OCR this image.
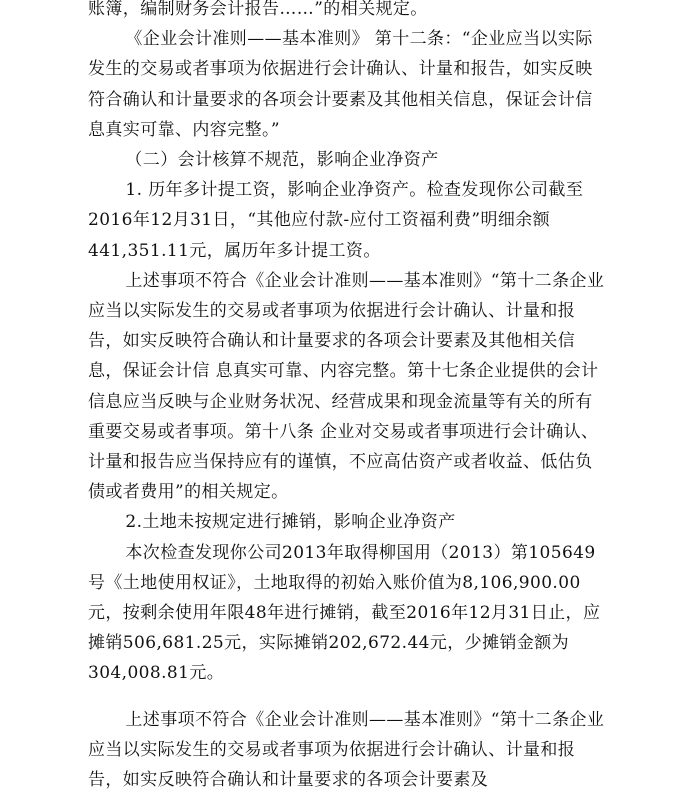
账簿，编制财务会计报告……”的相关规定。

《企业会计准则——基本准则》 第十二条：“企业应当以实际发生的交易或者事项为依据进行会计确认、计量和报告，如实反映符合确认和计量要求的各项会计要素及其他相关信息，保证会计信息真实可靠、内容完整。”

（二）会计核算不规范，影响企业净资产

1. 历年多计提工资，影响企业净资产。检查发现你公司截至2016年12月31日，“其他应付款-应付工资福利费”明细余额441,351.11元，属历年多计提工资。

上述事项不符合《企业会计准则——基本准则》“第十二条企业应当以实际发生的交易或者事项为依据进行会计确认、计量和报告，如实反映符合确认和计量要求的各项会计要素及其他相关信息，保证会计信 息真实可靠、内容完整。第十七条企业提供的会计信息应当反映与企业财务状况、经营成果和现金流量等有关的所有重要交易或者事项。第十八条 企业对交易或者事项进行会计确认、计量和报告应当保持应有的谨慎，不应高估资产或者收益、低估负债或者费用”的相关规定。

2.土地未按规定进行摊销，影响企业净资产

本次检查发现你公司2013年取得柳国用（2013）第105649号《土地使用权证》，土地取得的初始入账价值为8,106,900.00元，按剩余使用年限48年进行摊销，截至2016年12月31日止，应摊销506,681.25元，实际摊销202,672.44元，少摊销金额为304,008.81元。

上述事项不符合《企业会计准则——基本准则》“第十二条企业应当以实际发生的交易或者事项为依据进行会计确认、计量和报告，如实反映符合确认和计量要求的各项会计要素及
